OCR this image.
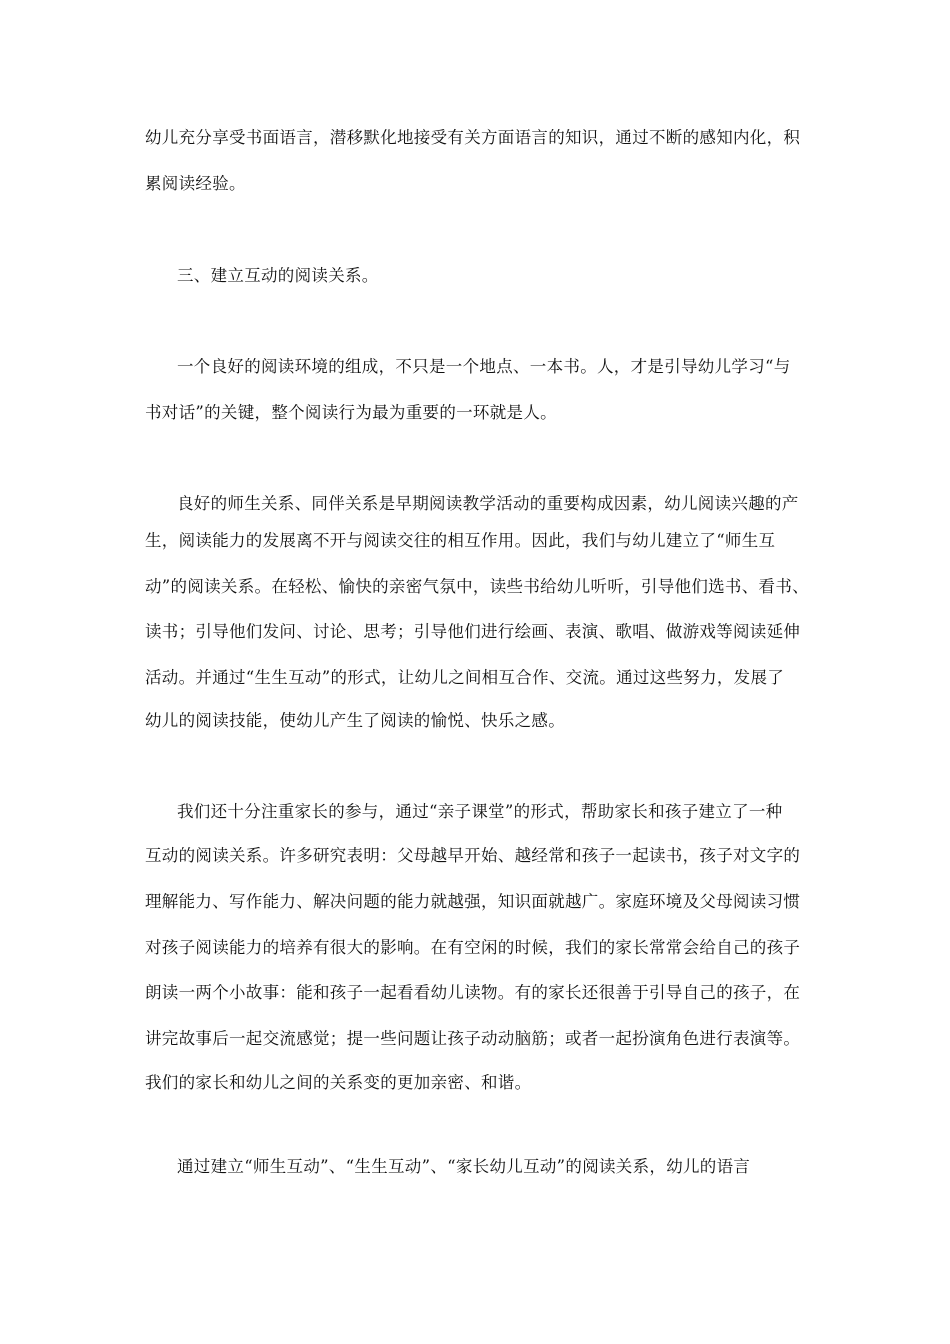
幼儿充分享受书面语言，潜移默化地接受有关方面语言的知识，通过不断的感知内化，积
累阅读经验。
三、建立互动的阅读关系。
一个良好的阅读环境的组成，不只是一个地点、一本书。人，才是引导幼儿学习“与
书对话”的关键，整个阅读行为最为重要的一环就是人。
良好的师生关系、同伴关系是早期阅读教学活动的重要构成因素，幼儿阅读兴趣的产
生，阅读能力的发展离不开与阅读交往的相互作用。因此，我们与幼儿建立了“师生互
动”的阅读关系。在轻松、愉快的亲密气氛中，读些书给幼儿听听，引导他们选书、看书、
读书；引导他们发问、讨论、思考；引导他们进行绘画、表演、歌唱、做游戏等阅读延伸
活动。并通过“生生互动”的形式，让幼儿之间相互合作、交流。通过这些努力，发展了
幼儿的阅读技能，使幼儿产生了阅读的愉悦、快乐之感。
我们还十分注重家长的参与，通过“亲子课堂”的形式，帮助家长和孩子建立了一种
互动的阅读关系。许多研究表明：父母越早开始、越经常和孩子一起读书，孩子对文字的
理解能力、写作能力、解决问题的能力就越强，知识面就越广。家庭环境及父母阅读习惯
对孩子阅读能力的培养有很大的影响。在有空闲的时候，我们的家长常常会给自己的孩子
朗读一两个小故事：能和孩子一起看看幼儿读物。有的家长还很善于引导自己的孩子，在
讲完故事后一起交流感觉；提一些问题让孩子动动脑筋；或者一起扮演角色进行表演等。
我们的家长和幼儿之间的关系变的更加亲密、和谐。
通过建立“师生互动”、“生生互动”、“家长幼儿互动”的阅读关系，幼儿的语言
